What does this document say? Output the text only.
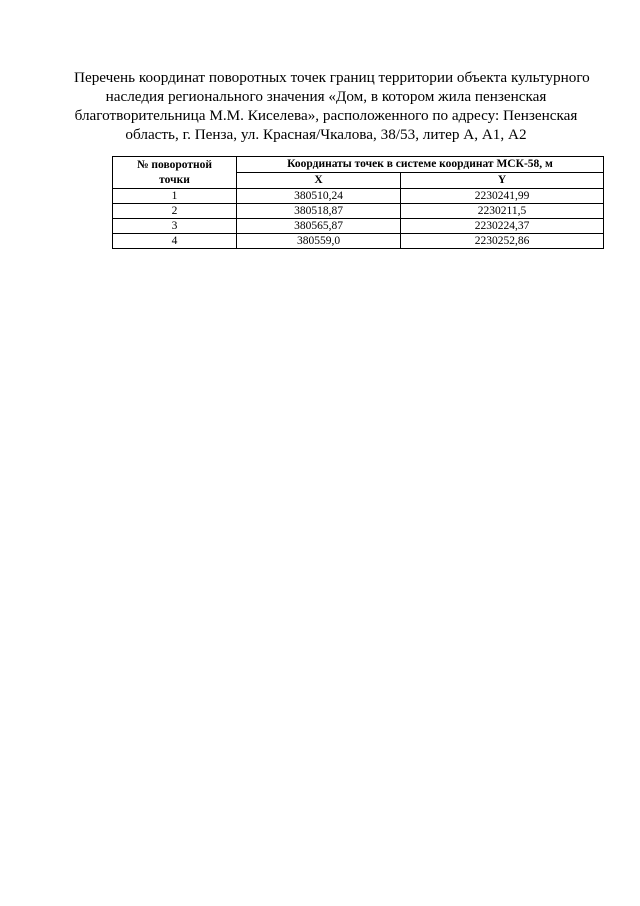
Перечень координат поворотных точек границ территории объекта культурного
наследия регионального значения «Дом, в котором жила пензенская
благотворительница М.М. Киселева», расположенного по адресу: Пензенская
область, г. Пенза, ул. Красная/Чкалова, 38/53, литер А, А1, А2
№ поворотной
точки	Координаты точек в системе координат МСК-58, м	
	X	Y
1	380510,24	2230241,99
2	380518,87	2230211,5
3	380565,87	2230224,37
4	380559,0	2230252,86
